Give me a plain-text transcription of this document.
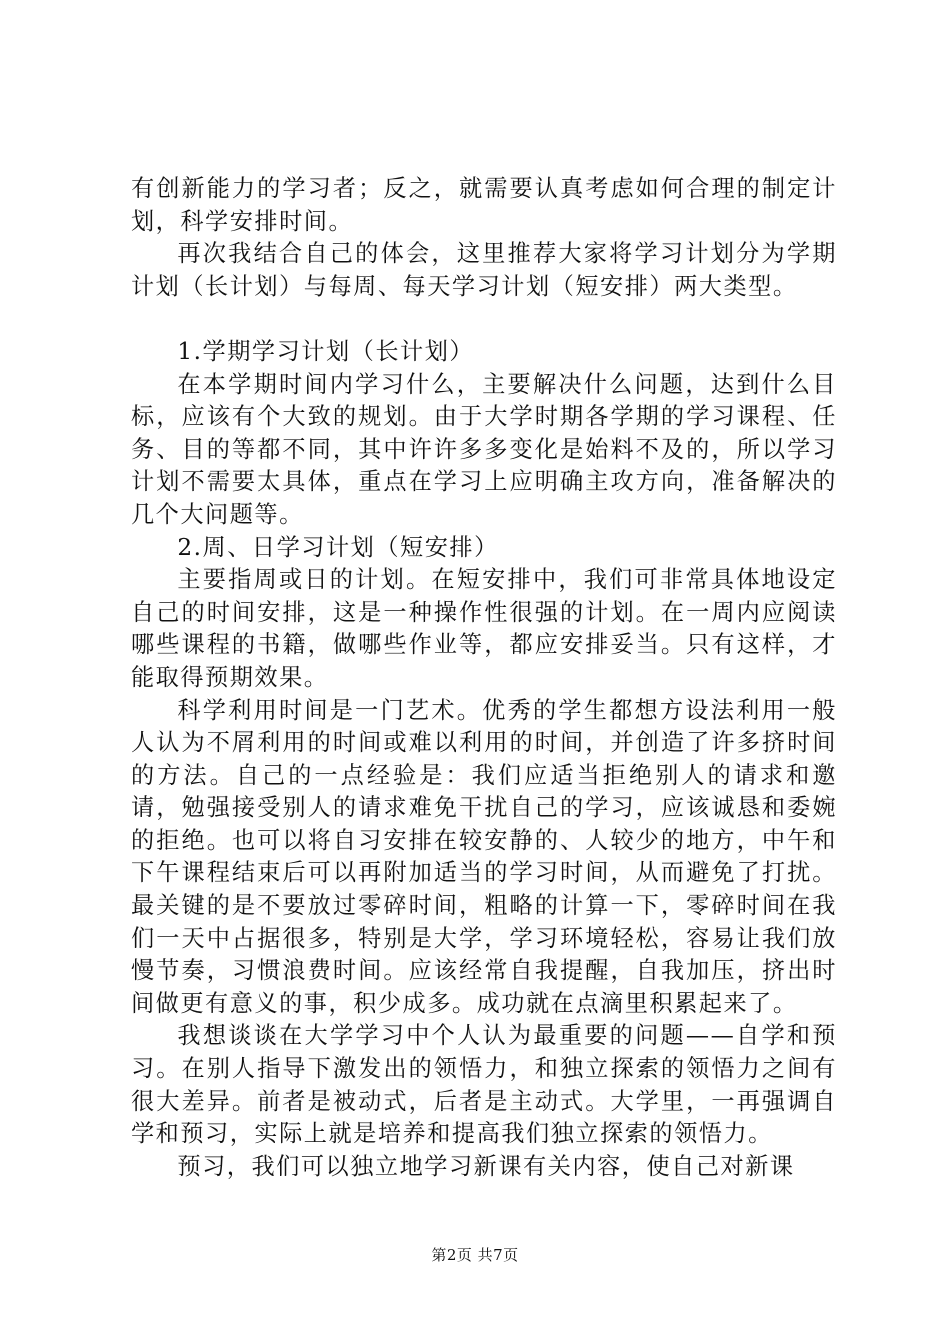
有创新能力的学习者；反之，就需要认真考虑如何合理的制定计划，科学安排时间。

再次我结合自己的体会，这里推荐大家将学习计划分为学期计划（长计划）与每周、每天学习计划（短安排）两大类型。

1.学期学习计划（长计划）

在本学期时间内学习什么，主要解决什么问题，达到什么目标，应该有个大致的规划。由于大学时期各学期的学习课程、任务、目的等都不同，其中许许多多变化是始料不及的，所以学习计划不需要太具体，重点在学习上应明确主攻方向，准备解决的几个大问题等。

2.周、日学习计划（短安排）

主要指周或日的计划。在短安排中，我们可非常具体地设定自己的时间安排，这是一种操作性很强的计划。在一周内应阅读哪些课程的书籍，做哪些作业等，都应安排妥当。只有这样，才能取得预期效果。

科学利用时间是一门艺术。优秀的学生都想方设法利用一般人认为不屑利用的时间或难以利用的时间，并创造了许多挤时间的方法。自己的一点经验是：我们应适当拒绝别人的请求和邀请，勉强接受别人的请求难免干扰自己的学习，应该诚恳和委婉的拒绝。也可以将自习安排在较安静的、人较少的地方，中午和下午课程结束后可以再附加适当的学习时间，从而避免了打扰。最关键的是不要放过零碎时间，粗略的计算一下，零碎时间在我们一天中占据很多，特别是大学，学习环境轻松，容易让我们放慢节奏，习惯浪费时间。应该经常自我提醒，自我加压，挤出时间做更有意义的事，积少成多。成功就在点滴里积累起来了。

我想谈谈在大学学习中个人认为最重要的问题——自学和预习。在别人指导下激发出的领悟力，和独立探索的领悟力之间有很大差异。前者是被动式，后者是主动式。大学里，一再强调自学和预习，实际上就是培养和提高我们独立探索的领悟力。

预习，我们可以独立地学习新课有关内容，使自己对新课

第2页 共7页
